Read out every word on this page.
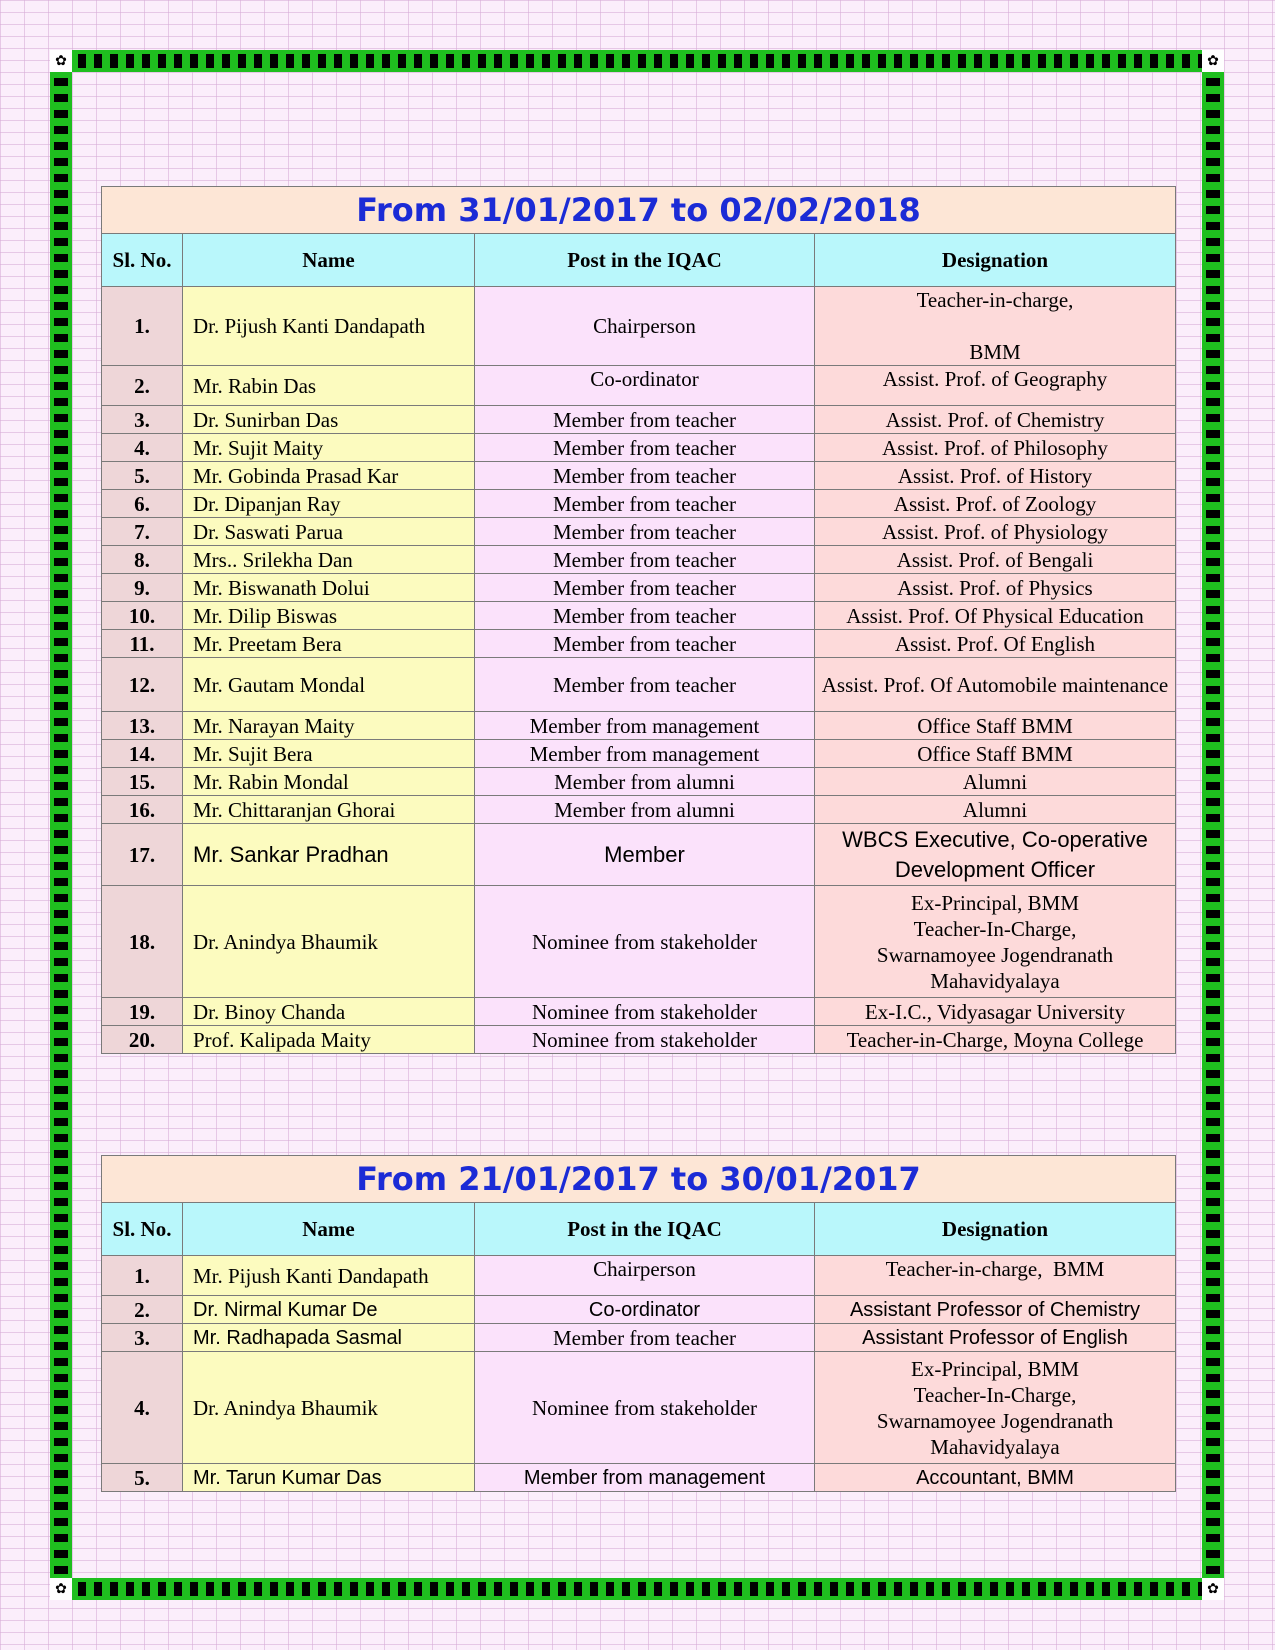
✿	✿
✿	✿
From 31/01/2017 to 02/02/2018			
Sl. No.	Name	Post in the IQAC	Designation
1.	Dr. Pijush Kanti Dandapath	Chairperson	Teacher-in-charge,

BMM
2.	Mr. Rabin Das	Co-ordinator	Assist. Prof. of Geography
3.	Dr. Sunirban Das	Member from teacher	Assist. Prof. of Chemistry
4.	Mr. Sujit Maity	Member from teacher	Assist. Prof. of Philosophy
5.	Mr. Gobinda Prasad Kar	Member from teacher	Assist. Prof. of History
6.	Dr. Dipanjan Ray	Member from teacher	Assist. Prof. of Zoology
7.	Dr. Saswati Parua	Member from teacher	Assist. Prof. of Physiology
8.	Mrs.. Srilekha Dan	Member from teacher	Assist. Prof. of Bengali
9.	Mr. Biswanath Dolui	Member from teacher	Assist. Prof. of Physics
10.	Mr. Dilip Biswas	Member from teacher	Assist. Prof. Of Physical Education
11.	Mr. Preetam Bera	Member from teacher	Assist. Prof. Of English
12.	Mr. Gautam Mondal	Member from teacher	Assist. Prof. Of Automobile maintenance
13.	Mr. Narayan Maity	Member from management	Office Staff BMM
14.	Mr. Sujit Bera	Member from management	Office Staff BMM
15.	Mr. Rabin Mondal	Member from alumni	Alumni
16.	Mr. Chittaranjan Ghorai	Member from alumni	Alumni
17.	Mr. Sankar Pradhan	Member	WBCS Executive, Co-operative Development Officer
18.	Dr. Anindya Bhaumik	Nominee from stakeholder	Ex-Principal, BMM
Teacher-In-Charge,
Swarnamoyee Jogendranath Mahavidyalaya
19.	Dr. Binoy Chanda	Nominee from stakeholder	Ex-I.C., Vidyasagar University
20.	Prof. Kalipada Maity	Nominee from stakeholder	Teacher-in-Charge, Moyna College
From 21/01/2017 to 30/01/2017			
Sl. No.	Name	Post in the IQAC	Designation
1.	Mr. Pijush Kanti Dandapath	Chairperson	Teacher-in-charge,  BMM
2.	Dr. Nirmal Kumar De	Co-ordinator	Assistant Professor of Chemistry
3.	Mr. Radhapada Sasmal	Member from teacher	Assistant Professor of English
4.	Dr. Anindya Bhaumik	Nominee from stakeholder	Ex-Principal, BMM
Teacher-In-Charge,
Swarnamoyee Jogendranath Mahavidyalaya
5.	Mr. Tarun Kumar Das	Member from management	Accountant, BMM
